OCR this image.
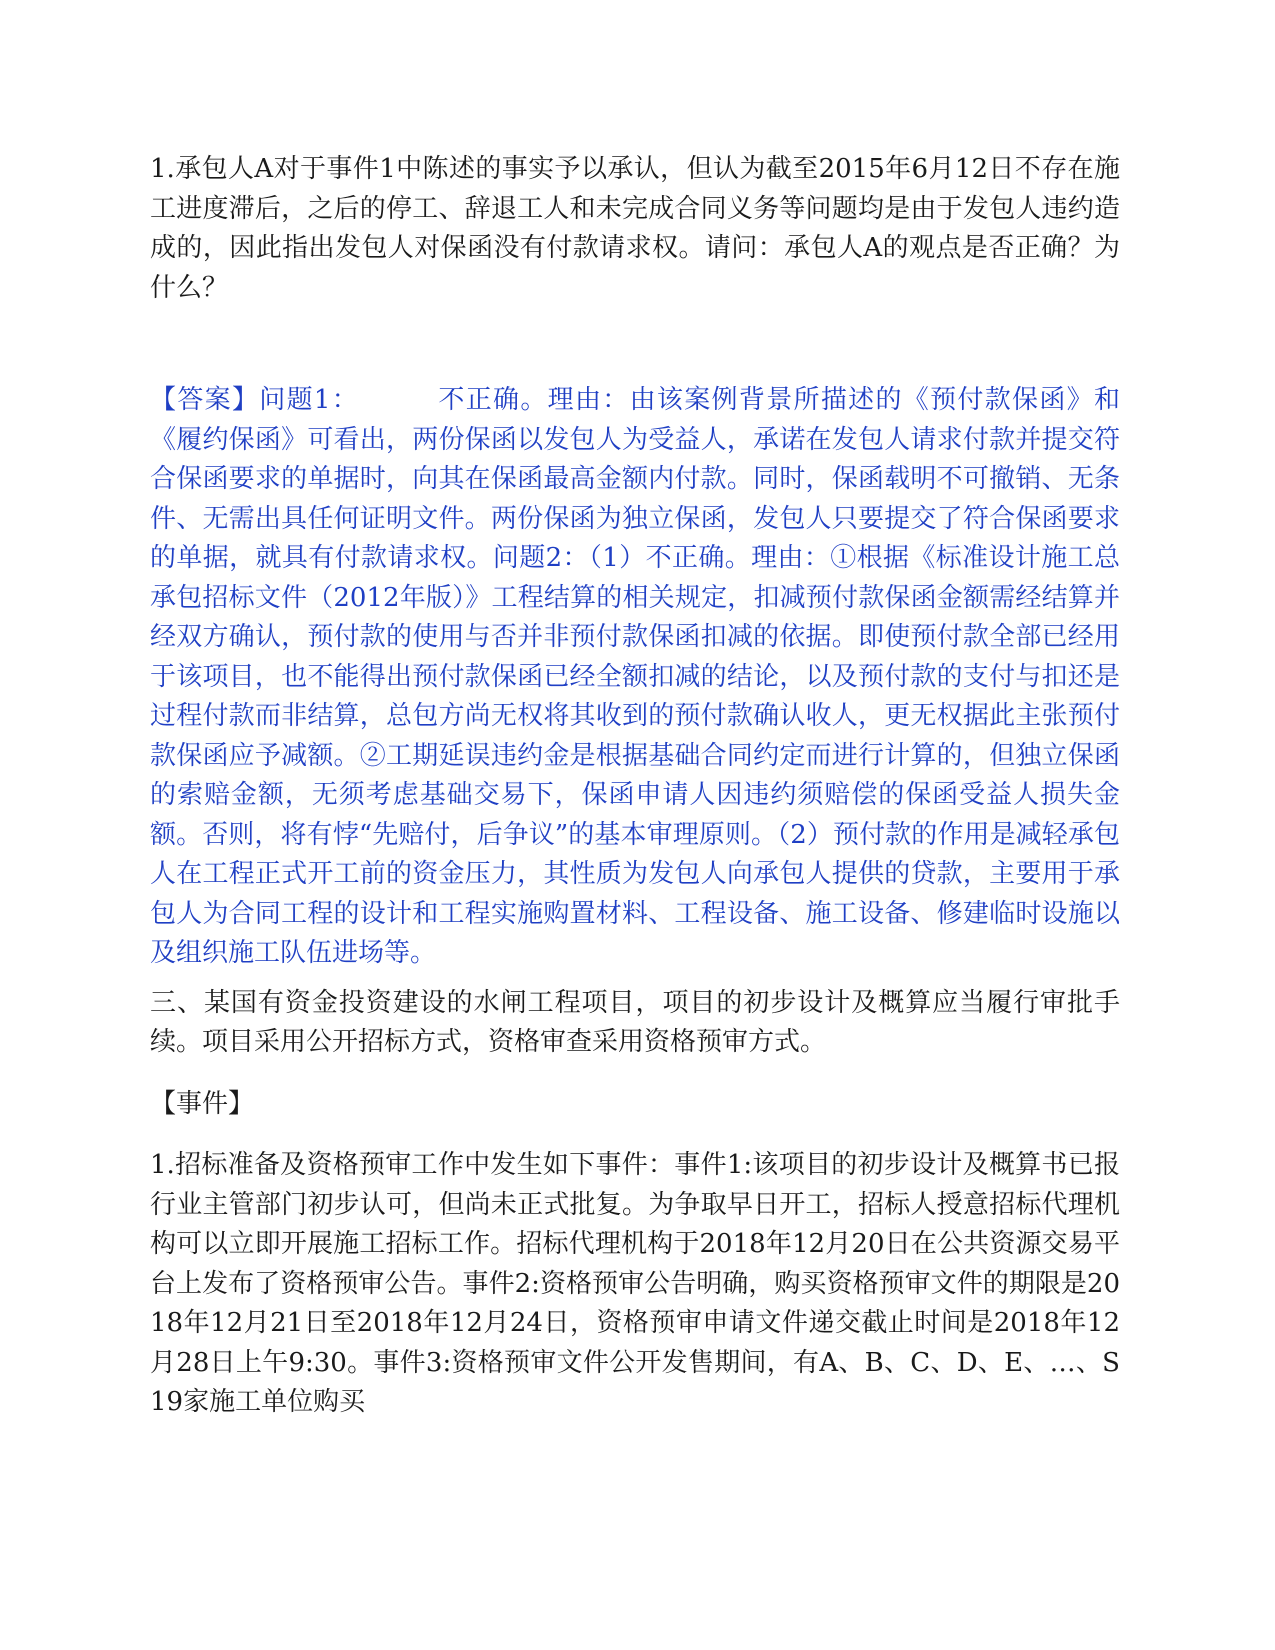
1.承包人A对于事件1中陈述的事实予以承认，但认为截至2015年6月12日不存在施工进度滞后，之后的停工、辞退工人和未完成合同义务等问题均是由于发包人违约造成的，因此指出发包人对保函没有付款请求权。请问：承包人A的观点是否正确？为什么？

【答案】问题1：	不正确。理由：由该案例背景所描述的《预付款保函》和《履约保函》可看出，两份保函以发包人为受益人，承诺在发包人请求付款并提交符合保函要求的单据时，向其在保函最高金额内付款。同时，保函载明不可撤销、无条件、无需出具任何证明文件。两份保函为独立保函，发包人只要提交了符合保函要求的单据，就具有付款请求权。问题2：（1）不正确。理由：①根据《标准设计施工总承包招标文件（2012年版）》工程结算的相关规定，扣减预付款保函金额需经结算并经双方确认，预付款的使用与否并非预付款保函扣减的依据。即使预付款全部已经用于该项目，也不能得出预付款保函已经全额扣减的结论，以及预付款的支付与扣还是过程付款而非结算，总包方尚无权将其收到的预付款确认收人，更无权据此主张预付款保函应予减额。②工期延误违约金是根据基础合同约定而进行计算的，但独立保函的索赔金额，无须考虑基础交易下，保函申请人因违约须赔偿的保函受益人损失金额。否则，将有悖“先赔付，后争议”的基本审理原则。（2）预付款的作用是减轻承包人在工程正式开工前的资金压力，其性质为发包人向承包人提供的贷款，主要用于承包人为合同工程的设计和工程实施购置材料、工程设备、施工设备、修建临时设施以及组织施工队伍进场等。

三、某国有资金投资建设的水闸工程项目，项目的初步设计及概算应当履行审批手续。项目采用公开招标方式，资格审查采用资格预审方式。

【事件】

1.招标准备及资格预审工作中发生如下事件：事件1:该项目的初步设计及概算书已报行业主管部门初步认可，但尚未正式批复。为争取早日开工，招标人授意招标代理机构可以立即开展施工招标工作。招标代理机构于2018年12月20日在公共资源交易平台上发布了资格预审公告。事件2:资格预审公告明确，购买资格预审文件的期限是2018年12月21日至2018年12月24日，资格预审申请文件递交截止时间是2018年12月28日上午9:30。事件3:资格预审文件公开发售期间，有A、B、C、D、E、…、S19家施工单位购买
